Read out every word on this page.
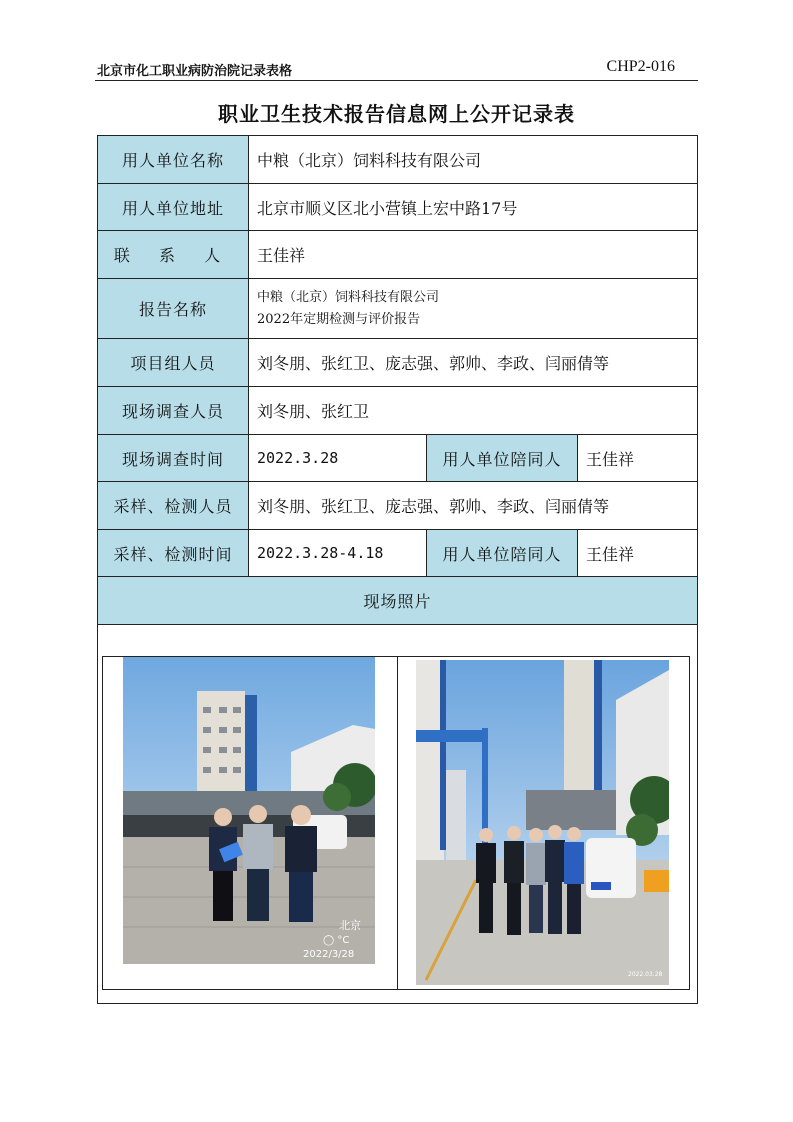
北京市化工职业病防治院记录表格	CHP2-016
职业卫生技术报告信息网上公开记录表
用人单位名称	中粮（北京）饲料科技有限公司
用人单位地址	北京市顺义区北小营镇上宏中路17号
联 系 人	王佳祥
报告名称
中粮（北京）饲料科技有限公司
2022年定期检测与评价报告
项目组人员	刘冬朋、张红卫、庞志强、郭帅、李政、闫丽倩等
现场调查人员	刘冬朋、张红卫
现场调查时间	2022.3.28	用人单位陪同人	王佳祥
采样、检测人员	刘冬朋、张红卫、庞志强、郭帅、李政、闫丽倩等
采样、检测时间	2022.3.28-4.18	用人单位陪同人	王佳祥
现场照片
北京
◯ °C
2022/3/28
2022.03.28
